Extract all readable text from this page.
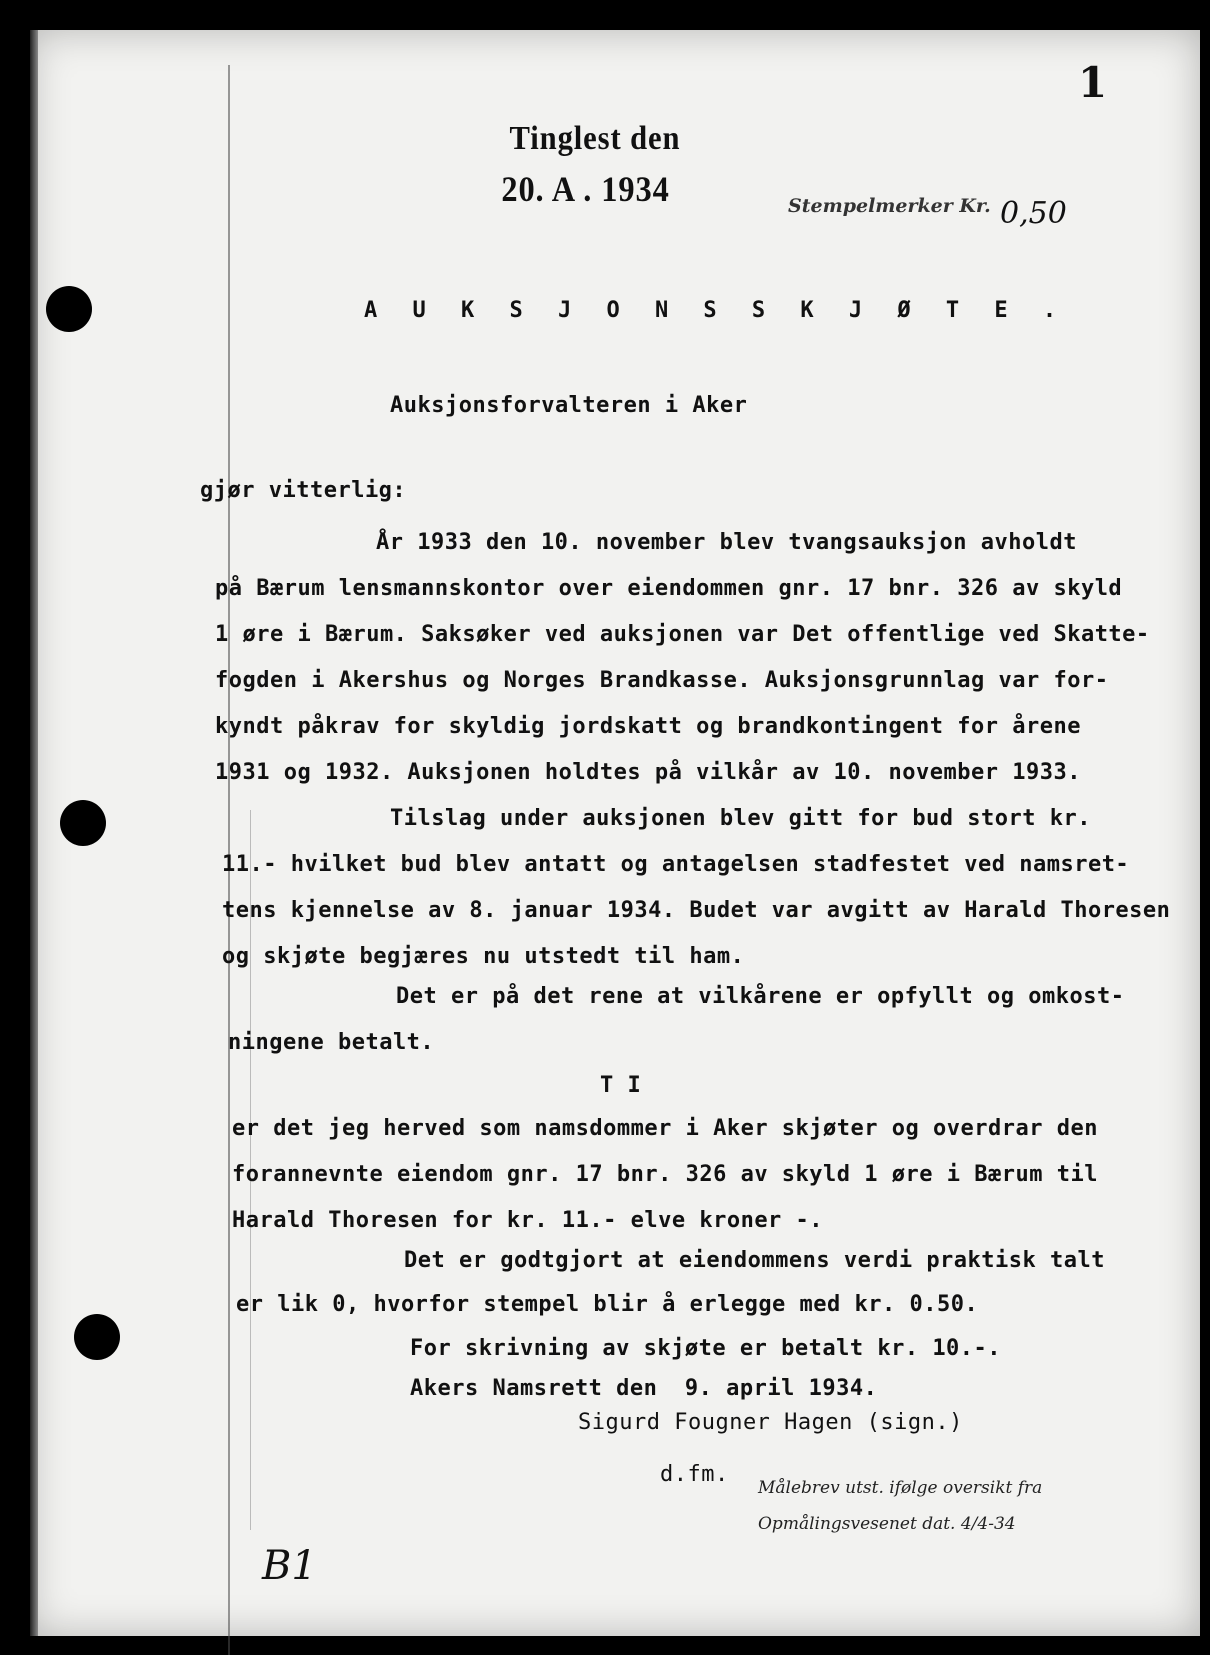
1
Tinglest den
20. A . 1934	Stempelmerker Kr. 0,50
A U K S J O N S S K J Ø T E .
Auksjonsforvalteren i Aker
gjør vitterlig:
År 1933 den 10. november blev tvangsauksjon avholdt
på Bærum lensmannskontor over eiendommen gnr. 17 bnr. 326 av skyld
1 øre i Bærum. Saksøker ved auksjonen var Det offentlige ved Skatte-
fogden i Akershus og Norges Brandkasse. Auksjonsgrunnlag var for-
kyndt påkrav for skyldig jordskatt og brandkontingent for årene
1931 og 1932. Auksjonen holdtes på vilkår av 10. november 1933.
Tilslag under auksjonen blev gitt for bud stort kr.
11.- hvilket bud blev antatt og antagelsen stadfestet ved namsret-
tens kjennelse av 8. januar 1934. Budet var avgitt av Harald Thoresen
og skjøte begjæres nu utstedt til ham.
Det er på det rene at vilkårene er opfyllt og omkost-
ningene betalt.
T I
er det jeg herved som namsdommer i Aker skjøter og overdrar den
forannevnte eiendom gnr. 17 bnr. 326 av skyld 1 øre i Bærum til
Harald Thoresen for kr. 11.- elve kroner -.
Det er godtgjort at eiendommens verdi praktisk talt
er lik 0, hvorfor stempel blir å erlegge med kr. 0.50.
For skrivning av skjøte er betalt kr. 10.-.
Akers Namsrett den  9. april 1934.
Sigurd Fougner Hagen (sign.)
d.fm.
Målebrev utst. ifølge oversikt fra
Opmålingsvesenet dat. 4/4-34
B1
